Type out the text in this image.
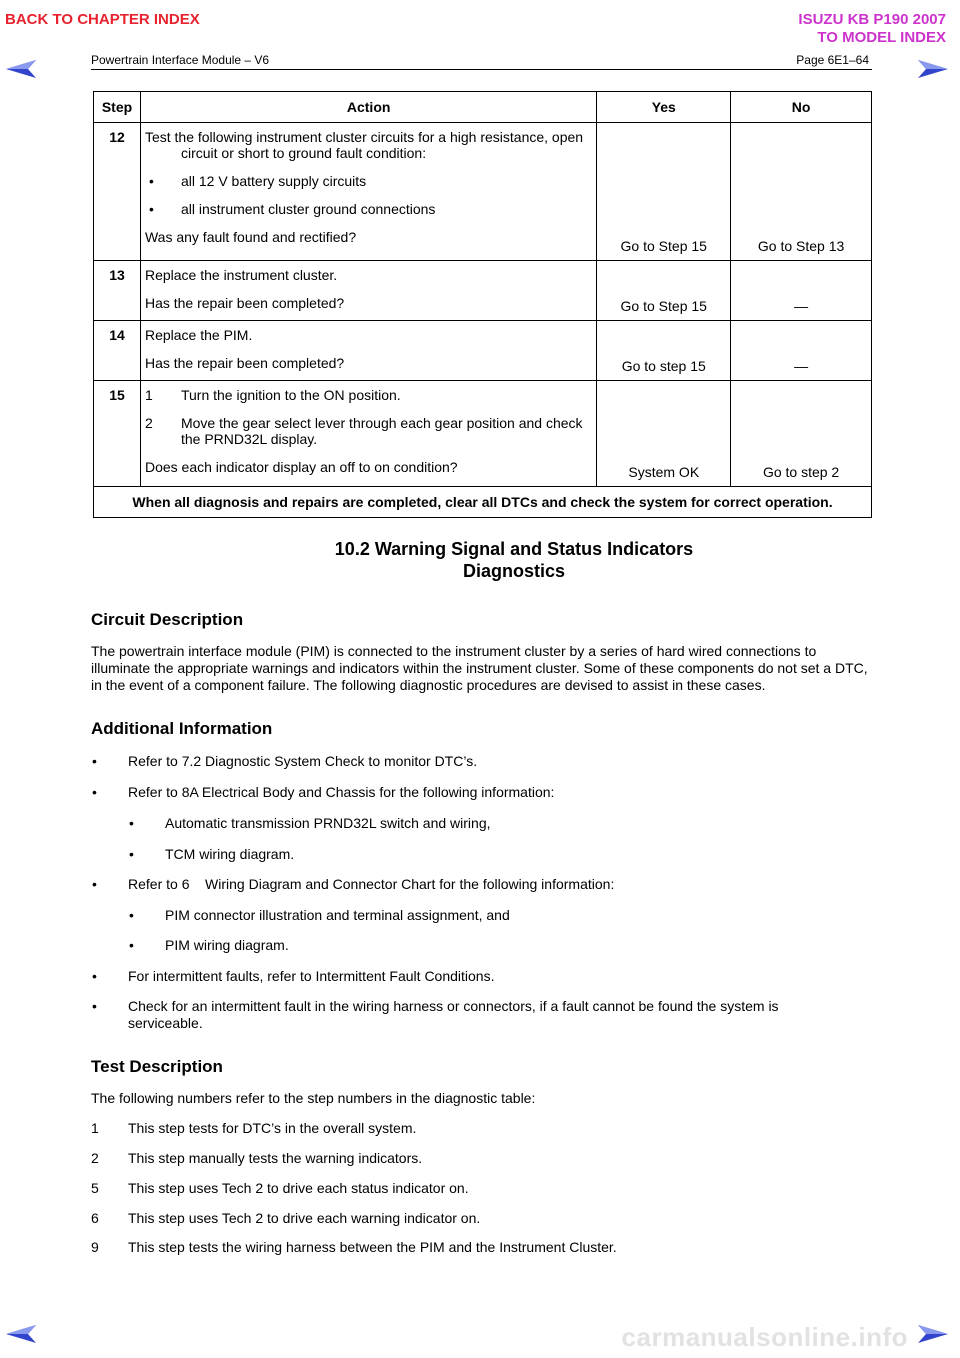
BACK TO CHAPTER INDEX	ISUZU KB P190 2007
TO MODEL INDEX
Powertrain Interface Module – V6	Page 6E1–64
Step	Action	Yes	No
12	Test the following instrument cluster circuits for a high resistance, open circuit or short to ground fault condition:

• all 12 V battery supply circuits

• all instrument cluster ground connections

Was any fault found and rectified?	Go to Step 15	Go to Step 13
13	Replace the instrument cluster.

Has the repair been completed?	Go to Step 15	—
14	Replace the PIM.

Has the repair been completed?	Go to step 15	—
15	1 Turn the ignition to the ON position.

2 Move the gear select lever through each gear position and check the PRND32L display.

Does each indicator display an off to on condition?	System OK	Go to step 2
When all diagnosis and repairs are completed, clear all DTCs and check the system for correct operation.			
10.2 Warning Signal and Status Indicators
Diagnostics
Circuit Description

The powertrain interface module (PIM) is connected to the instrument cluster by a series of hard wired connections to illuminate the appropriate warnings and indicators within the instrument cluster. Some of these components do not set a DTC, in the event of a component failure. The following diagnostic procedures are devised to assist in these cases.

Additional Information
• Refer to 7.2 Diagnostic System Check to monitor DTC’s.
• Refer to 8A Electrical Body and Chassis for the following information:
• Automatic transmission PRND32L switch and wiring,
• TCM wiring diagram.
• Refer to 6    Wiring Diagram and Connector Chart for the following information:
• PIM connector illustration and terminal assignment, and
• PIM wiring diagram.
• For intermittent faults, refer to Intermittent Fault Conditions.
• Check for an intermittent fault in the wiring harness or connectors, if a fault cannot be found the system is serviceable.
Test Description

The following numbers refer to the step numbers in the diagnostic table:

1 This step tests for DTC’s in the overall system.
2 This step manually tests the warning indicators.
5 This step uses Tech 2 to drive each status indicator on.
6 This step uses Tech 2 to drive each warning indicator on.
9 This step tests the wiring harness between the PIM and the Instrument Cluster.
carmanualsonline.info
